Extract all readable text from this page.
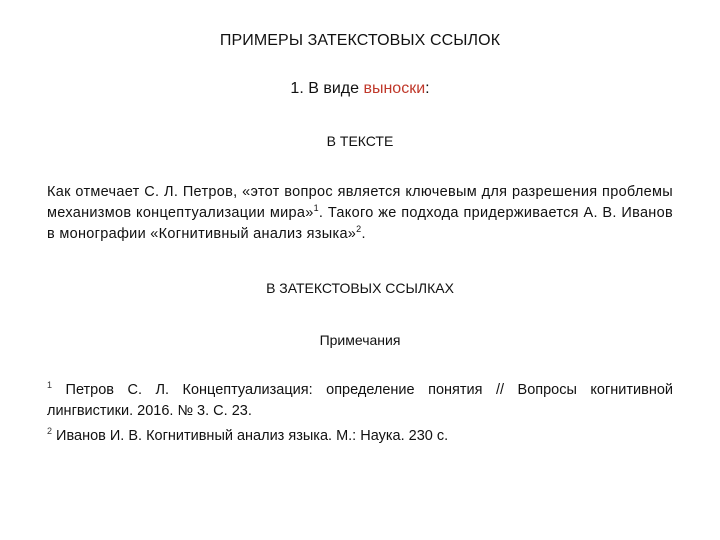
ПРИМЕРЫ ЗАТЕКСТОВЫХ ССЫЛОК
1. В виде выноски:
В ТЕКСТЕ
Как отмечает С. Л. Петров, «этот вопрос является ключевым для разрешения проблемы механизмов концептуализации мира»$^1$. Такого же подхода придерживается А. В. Иванов в монографии «Когнитивный анализ языка»$^2$.
В ЗАТЕКСТОВЫХ ССЫЛКАХ
Примечания

$^1$ Петров С. Л. Концептуализация: определение понятия // Вопросы когнитивной лингвистики. 2016. № 3. С. 23.

$^2$ Иванов И. В. Когнитивный анализ языка. М.: Наука. 230 с.
